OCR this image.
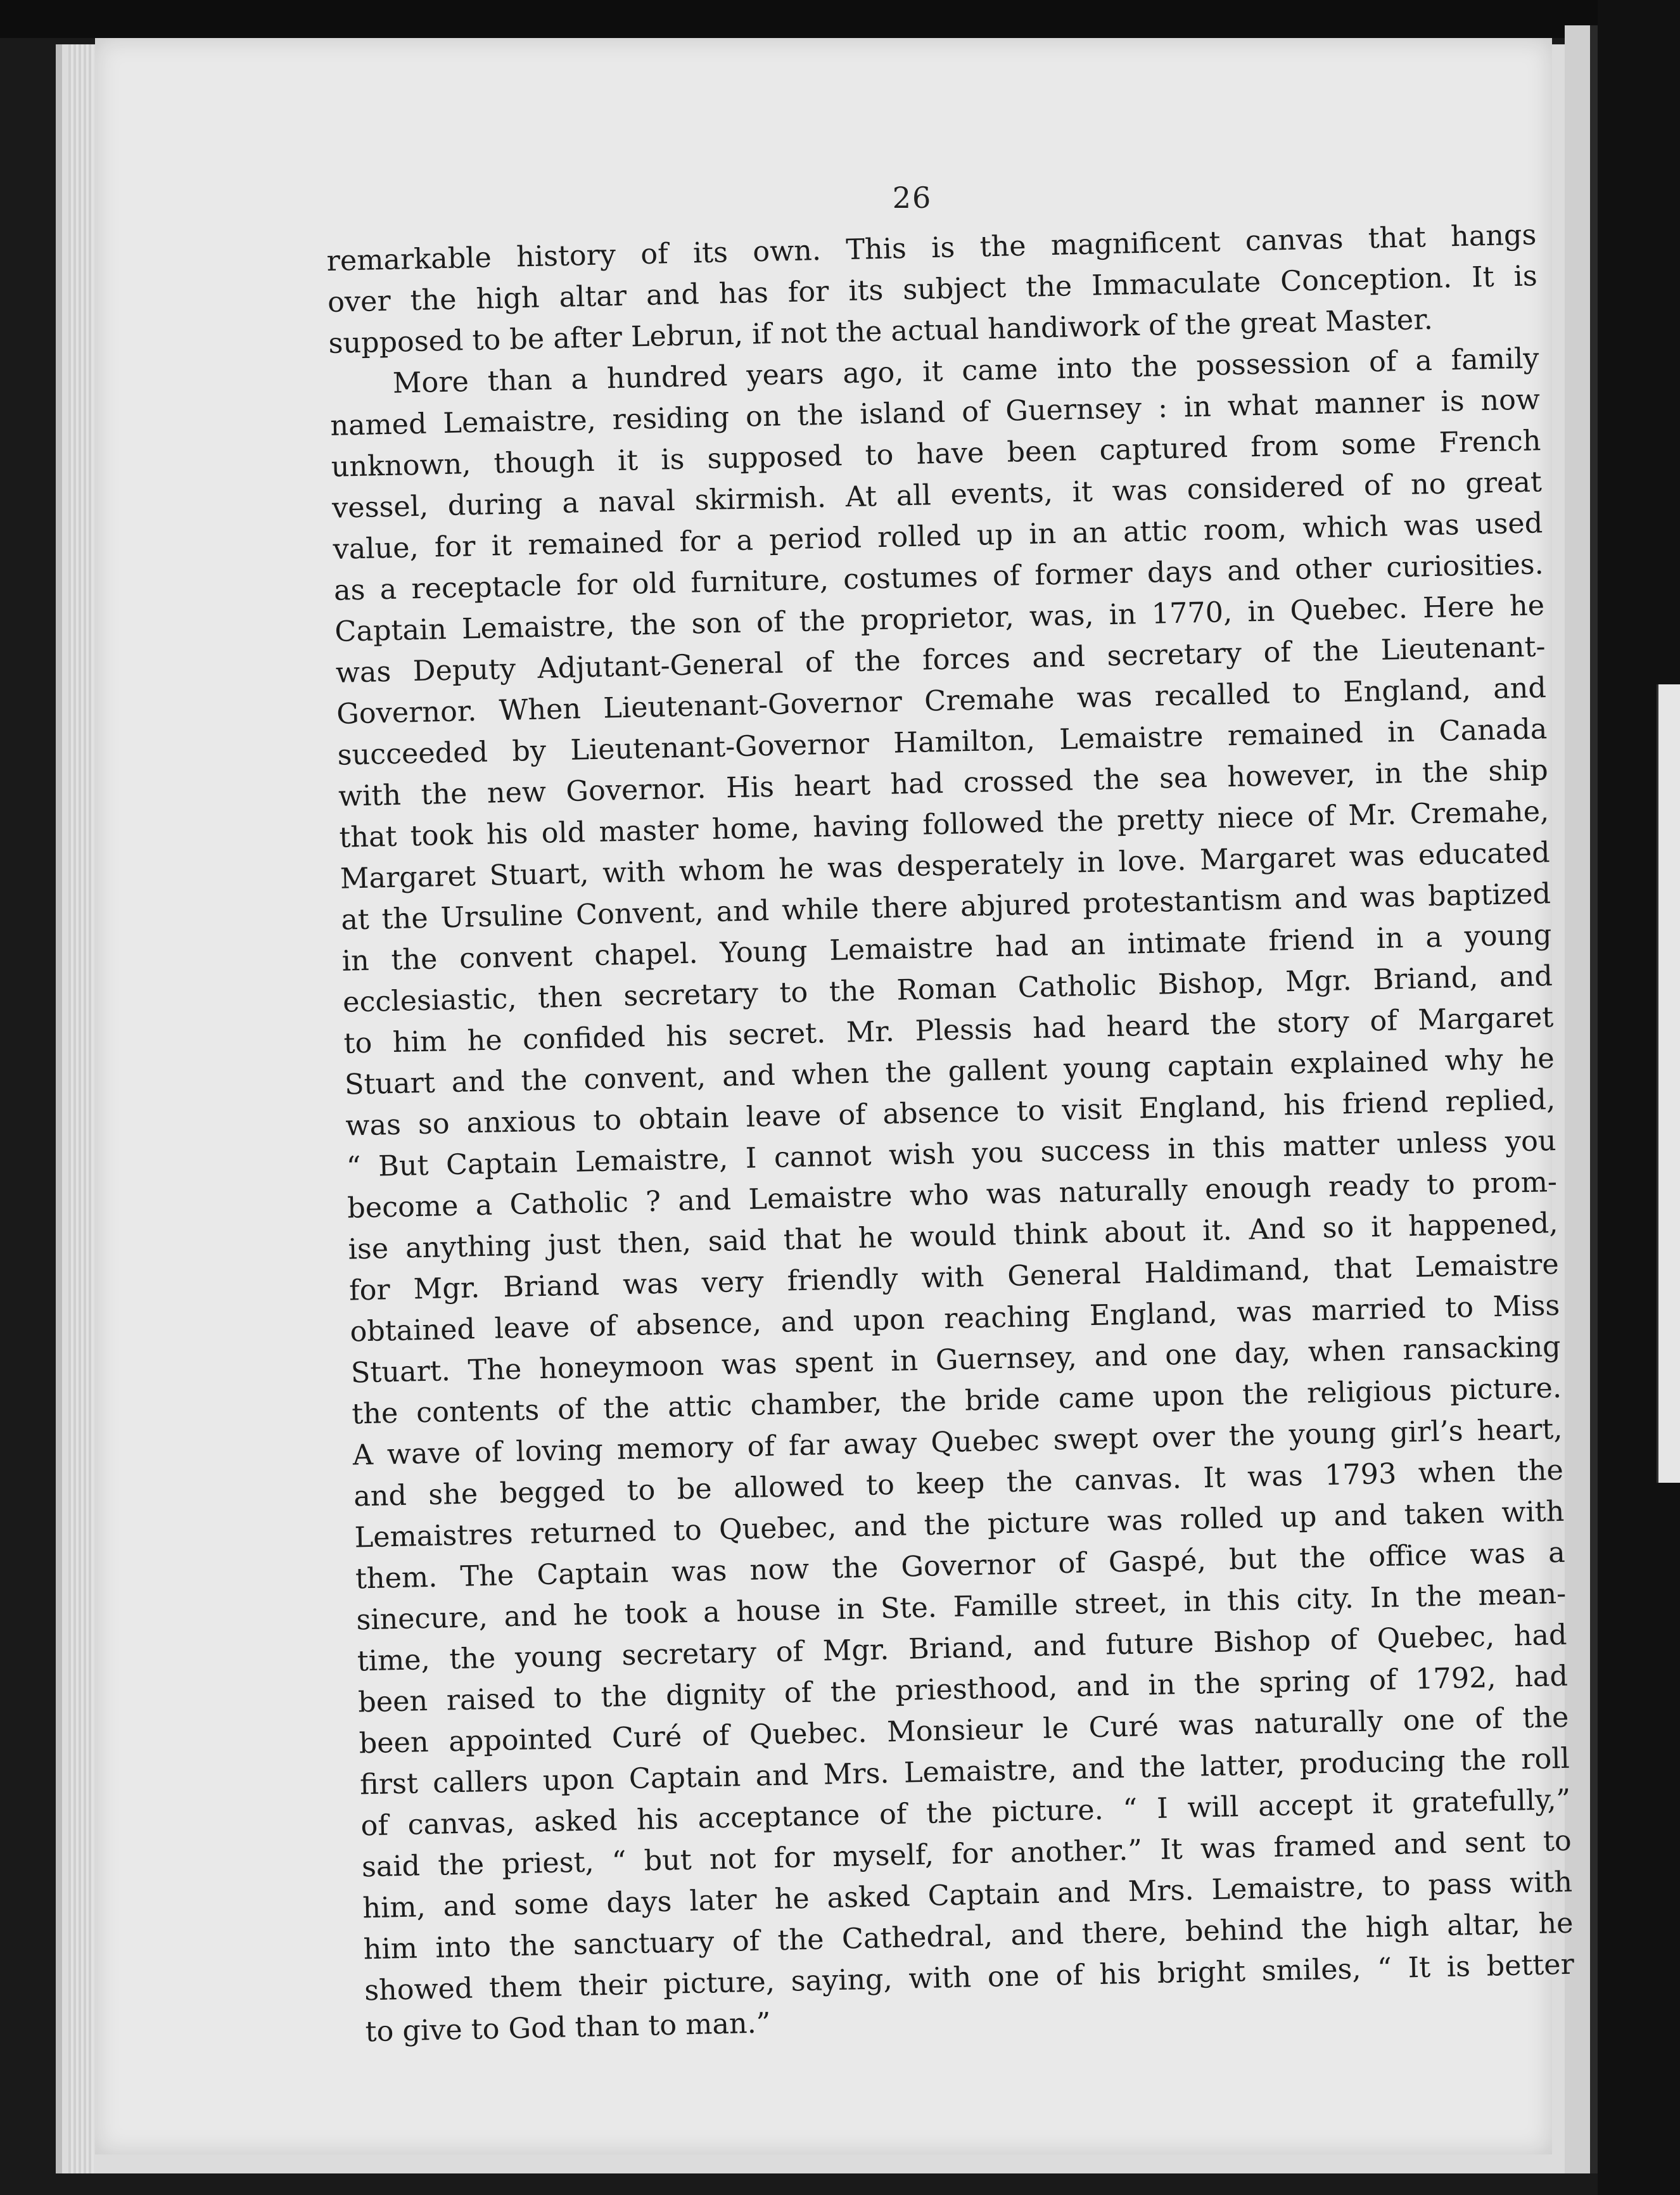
26
remarkable history of its own. This is the magnificent canvas that hangs
over the high altar and has for its subject the Immaculate Conception. It is
supposed to be after Lebrun, if not the actual handiwork of the great Master.
More than a hundred years ago, it came into the possession of a family
named Lemaistre, residing on the island of Guernsey : in what manner is now
unknown, though it is supposed to have been captured from some French
vessel, during a naval skirmish. At all events, it was considered of no great
value, for it remained for a period rolled up in an attic room, which was used
as a receptacle for old furniture, costumes of former days and other curiosities.
Captain Lemaistre, the son of the proprietor, was, in 1770, in Quebec. Here he
was Deputy Adjutant-General of the forces and secretary of the Lieutenant-
Governor. When Lieutenant-Governor Cremahe was recalled to England, and
succeeded by Lieutenant-Governor Hamilton, Lemaistre remained in Canada
with the new Governor. His heart had crossed the sea however, in the ship
that took his old master home, having followed the pretty niece of Mr. Cremahe,
Margaret Stuart, with whom he was desperately in love. Margaret was educated
at the Ursuline Convent, and while there abjured protestantism and was baptized
in the convent chapel. Young Lemaistre had an intimate friend in a young
ecclesiastic, then secretary to the Roman Catholic Bishop, Mgr. Briand, and
to him he confided his secret. Mr. Plessis had heard the story of Margaret
Stuart and the convent, and when the gallent young captain explained why he
was so anxious to obtain leave of absence to visit England, his friend replied,
“ But Captain Lemaistre, I cannot wish you success in this matter unless you
become a Catholic ? and Lemaistre who was naturally enough ready to prom-
ise anything just then, said that he would think about it. And so it happened,
for Mgr. Briand was very friendly with General Haldimand, that Lemaistre
obtained leave of absence, and upon reaching England, was married to Miss
Stuart. The honeymoon was spent in Guernsey, and one day, when ransacking
the contents of the attic chamber, the bride came upon the religious picture.
A wave of loving memory of far away Quebec swept over the young girl’s heart,
and she begged to be allowed to keep the canvas. It was 1793 when the
Lemaistres returned to Quebec, and the picture was rolled up and taken with
them. The Captain was now the Governor of Gaspé, but the office was a
sinecure, and he took a house in Ste. Famille street, in this city. In the mean-
time, the young secretary of Mgr. Briand, and future Bishop of Quebec, had
been raised to the dignity of the priesthood, and in the spring of 1792, had
been appointed Curé of Quebec. Monsieur le Curé was naturally one of the
first callers upon Captain and Mrs. Lemaistre, and the latter, producing the roll
of canvas, asked his acceptance of the picture. “ I will accept it gratefully,”
said the priest, “ but not for myself, for another.” It was framed and sent to
him, and some days later he asked Captain and Mrs. Lemaistre, to pass with
him into the sanctuary of the Cathedral, and there, behind the high altar, he
showed them their picture, saying, with one of his bright smiles, “ It is better
to give to God than to man.”
